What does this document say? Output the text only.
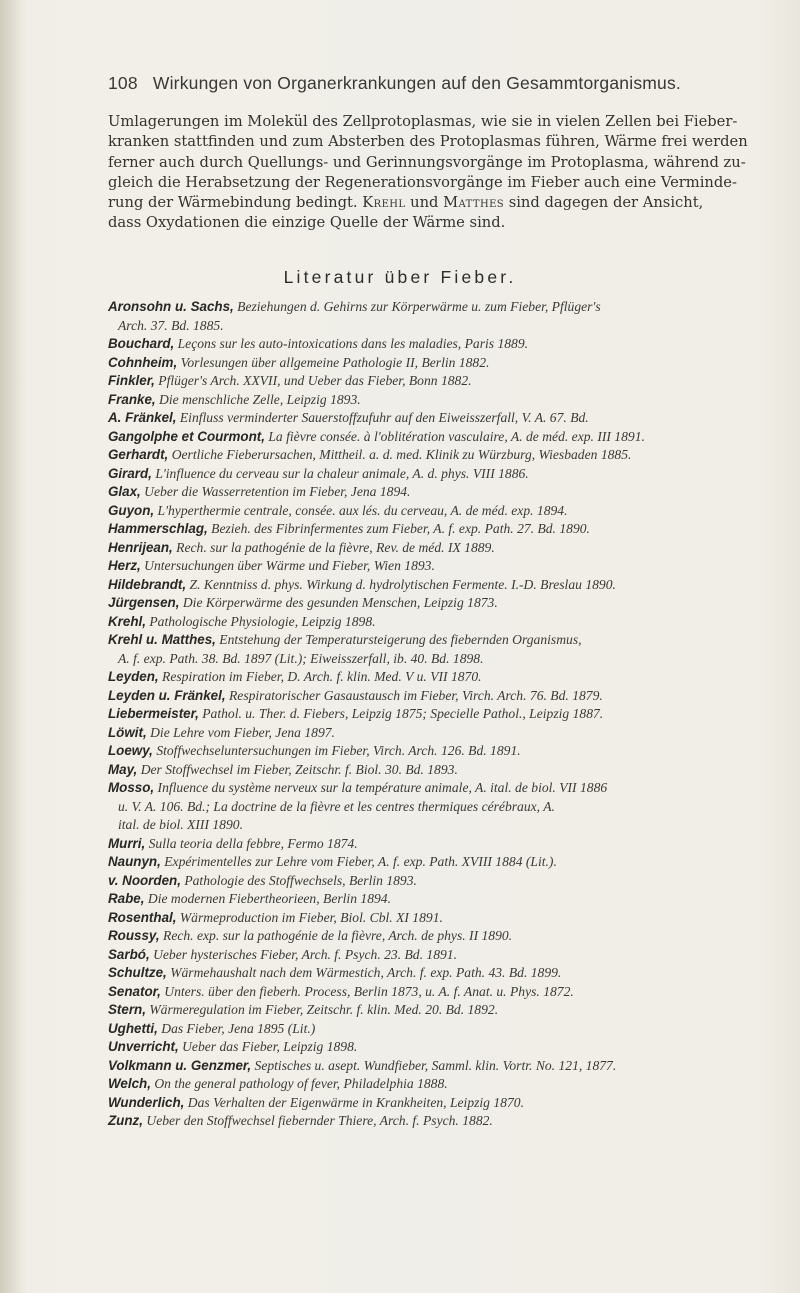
108 Wirkungen von Organerkrankungen auf den Gesammtorganismus.
Umlagerungen im Molekül des Zellprotoplasmas, wie sie in vielen Zellen bei Fieber-
kranken stattfinden und zum Absterben des Protoplasmas führen, Wärme frei werden
ferner auch durch Quellungs- und Gerinnungsvorgänge im Protoplasma, während zu-
gleich die Herabsetzung der Regenerationsvorgänge im Fieber auch eine Verminde-
rung der Wärmebindung bedingt. Krehl und Matthes sind dagegen der Ansicht,
dass Oxydationen die einzige Quelle der Wärme sind.
Literatur über Fieber.
Aronsohn u. Sachs, Beziehungen d. Gehirns zur Körperwärme u. zum Fieber, Pflüger's
Arch. 37. Bd. 1885.
Bouchard, Leçons sur les auto-intoxications dans les maladies, Paris 1889.
Cohnheim, Vorlesungen über allgemeine Pathologie II, Berlin 1882.
Finkler, Pflüger's Arch. XXVII, und Ueber das Fieber, Bonn 1882.
Franke, Die menschliche Zelle, Leipzig 1893.
A. Fränkel, Einfluss verminderter Sauerstoffzufuhr auf den Eiweisszerfall, V. A. 67. Bd.
Gangolphe et Courmont, La fièvre consée. à l'oblitération vasculaire, A. de méd. exp. III 1891.
Gerhardt, Oertliche Fieberursachen, Mittheil. a. d. med. Klinik zu Würzburg, Wiesbaden 1885.
Girard, L'influence du cerveau sur la chaleur animale, A. d. phys. VIII 1886.
Glax, Ueber die Wasserretention im Fieber, Jena 1894.
Guyon, L'hyperthermie centrale, consée. aux lés. du cerveau, A. de méd. exp. 1894.
Hammerschlag, Bezieh. des Fibrinfermentes zum Fieber, A. f. exp. Path. 27. Bd. 1890.
Henrijean, Rech. sur la pathogénie de la fièvre, Rev. de méd. IX 1889.
Herz, Untersuchungen über Wärme und Fieber, Wien 1893.
Hildebrandt, Z. Kenntniss d. phys. Wirkung d. hydrolytischen Fermente. I.-D. Breslau 1890.
Jürgensen, Die Körperwärme des gesunden Menschen, Leipzig 1873.
Krehl, Pathologische Physiologie, Leipzig 1898.
Krehl u. Matthes, Entstehung der Temperatursteigerung des fiebernden Organismus,
A. f. exp. Path. 38. Bd. 1897 (Lit.); Eiweisszerfall, ib. 40. Bd. 1898.
Leyden, Respiration im Fieber, D. Arch. f. klin. Med. V u. VII 1870.
Leyden u. Fränkel, Respiratorischer Gasaustausch im Fieber, Virch. Arch. 76. Bd. 1879.
Liebermeister, Pathol. u. Ther. d. Fiebers, Leipzig 1875; Specielle Pathol., Leipzig 1887.
Löwit, Die Lehre vom Fieber, Jena 1897.
Loewy, Stoffwechseluntersuchungen im Fieber, Virch. Arch. 126. Bd. 1891.
May, Der Stoffwechsel im Fieber, Zeitschr. f. Biol. 30. Bd. 1893.
Mosso, Influence du système nerveux sur la température animale, A. ital. de biol. VII 1886
u. V. A. 106. Bd.; La doctrine de la fièvre et les centres thermiques cérébraux, A.
ital. de biol. XIII 1890.
Murri, Sulla teoria della febbre, Fermo 1874.
Naunyn, Expérimentelles zur Lehre vom Fieber, A. f. exp. Path. XVIII 1884 (Lit.).
v. Noorden, Pathologie des Stoffwechsels, Berlin 1893.
Rabe, Die modernen Fiebertheorieen, Berlin 1894.
Rosenthal, Wärmeproduction im Fieber, Biol. Cbl. XI 1891.
Roussy, Rech. exp. sur la pathogénie de la fièvre, Arch. de phys. II 1890.
Sarbó, Ueber hysterisches Fieber, Arch. f. Psych. 23. Bd. 1891.
Schultze, Wärmehaushalt nach dem Wärmestich, Arch. f. exp. Path. 43. Bd. 1899.
Senator, Unters. über den fieberh. Process, Berlin 1873, u. A. f. Anat. u. Phys. 1872.
Stern, Wärmeregulation im Fieber, Zeitschr. f. klin. Med. 20. Bd. 1892.
Ughetti, Das Fieber, Jena 1895 (Lit.)
Unverricht, Ueber das Fieber, Leipzig 1898.
Volkmann u. Genzmer, Septisches u. asept. Wundfieber, Samml. klin. Vortr. No. 121, 1877.
Welch, On the general pathology of fever, Philadelphia 1888.
Wunderlich, Das Verhalten der Eigenwärme in Krankheiten, Leipzig 1870.
Zunz, Ueber den Stoffwechsel fiebernder Thiere, Arch. f. Psych. 1882.
